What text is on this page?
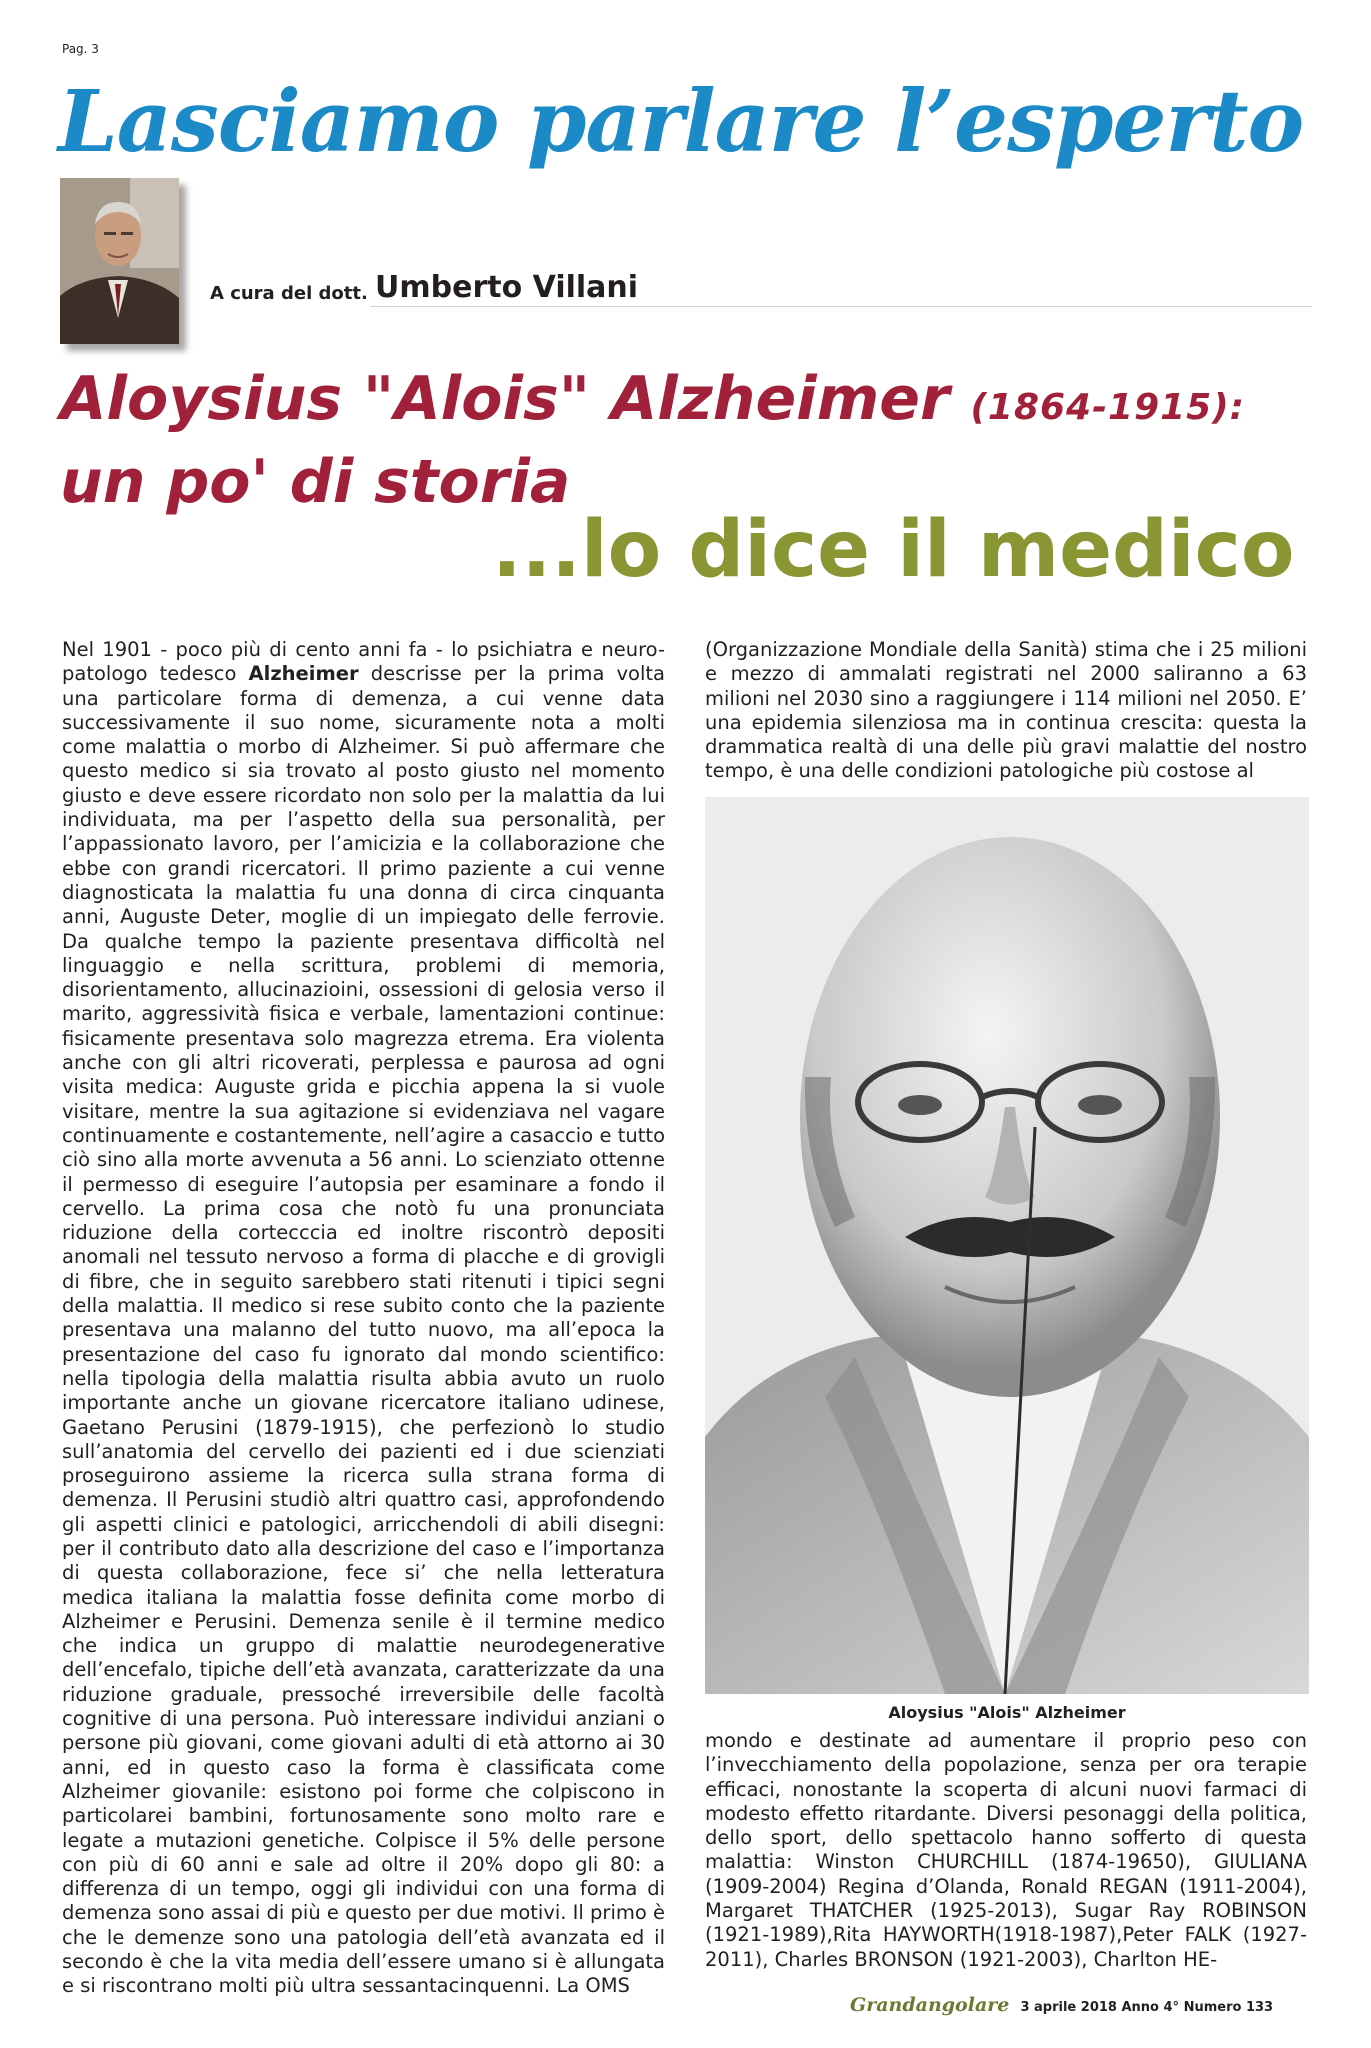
Pag. 3
Lasciamo parlare l’esperto
A cura del dott. Umberto Villani
Aloysius "Alois" Alzheimer (1864-1915):
un po' di storia
...lo dice il medico

Nel 1901 - poco più di cento anni fa - lo psichiatra e neuro-patologo tedesco Alzheimer descrisse per la prima volta una particolare forma di demenza, a cui venne data successivamente il suo nome, sicuramente nota a molti come malattia o morbo di Alzheimer. Si può affermare che questo medico si sia trovato al posto giusto nel momento giusto e deve essere ricordato non solo per la malattia da lui individuata, ma per l’aspetto della sua personalità, per l’appassionato lavoro, per l’amicizia e la collaborazione che ebbe con grandi ricercatori. Il primo paziente a cui venne diagnosticata la malattia fu una donna di circa cinquanta anni, Auguste Deter, moglie di un impiegato delle ferrovie. Da qualche tempo la paziente presentava difficoltà nel linguaggio e nella scrittura, problemi di memoria, disorientamento, allucinazioini, ossessioni di gelosia verso il marito, aggressività fisica e verbale, lamentazioni continue: fisicamente presentava solo magrezza etrema. Era violenta anche con gli altri ricoverati, perplessa e paurosa ad ogni visita medica: Auguste grida e picchia appena la si vuole visitare, mentre la sua agitazione si evidenziava nel vagare continuamente e costantemente, nell’agire a casaccio e tutto ciò sino alla morte avvenuta a 56 anni. Lo scienziato ottenne il permesso di eseguire l’autopsia per esaminare a fondo il cervello. La prima cosa che notò fu una pronunciata riduzione della cortecccia ed inoltre riscontrò depositi anomali nel tessuto nervoso a forma di placche e di grovigli di fibre, che in seguito sarebbero stati ritenuti i tipici segni della malattia. Il medico si rese subito conto che la paziente presentava una malanno del tutto nuovo, ma all’epoca la presentazione del caso fu ignorato dal mondo scientifico: nella tipologia della malattia risulta abbia avuto un ruolo importante anche un giovane ricercatore italiano udinese, Gaetano Perusini (1879-1915), che perfezionò lo studio sull’anatomia del cervello dei pazienti ed i due scienziati proseguirono assieme la ricerca sulla strana forma di demenza. Il Perusini studiò altri quattro casi, approfondendo gli aspetti clinici e patologici, arricchendoli di abili disegni: per il contributo dato alla descrizione del caso e l’importanza di questa collaborazione, fece si’ che nella letteratura medica italiana la malattia fosse definita come morbo di Alzheimer e Perusini. Demenza senile è il termine medico che indica un gruppo di malattie neurodegenerative dell’encefalo, tipiche dell’età avanzata, caratterizzate da una riduzione graduale, pressoché irreversibile delle facoltà cognitive di una persona. Può interessare individui anziani o persone più giovani, come giovani adulti di età attorno ai 30 anni, ed in questo caso la forma è classificata come Alzheimer giovanile: esistono poi forme che colpiscono in particolarei bambini, fortunosamente sono molto rare e legate a mutazioni genetiche. Colpisce il 5% delle persone con più di 60 anni e sale ad oltre il 20% dopo gli 80: a differenza di un tempo, oggi gli individui con una forma di demenza sono assai di più e questo per due motivi. Il primo è che le demenze sono una patologia dell’età avanzata ed il secondo è che la vita media dell’essere umano si è allungata e si riscontrano molti più ultra sessantacinquenni. La OMS

(Organizzazione Mondiale della Sanità) stima che i 25 milioni e mezzo di ammalati registrati nel 2000 saliranno a 63 milioni nel 2030 sino a raggiungere i 114 milioni nel 2050. E’ una epidemia silenziosa ma in continua crescita: questa la drammatica realtà di una delle più gravi malattie del nostro tempo, è una delle condizioni patologiche più costose al

Aloysius "Alois" Alzheimer

mondo e destinate ad aumentare il proprio peso con l’invecchiamento della popolazione, senza per ora terapie efficaci, nonostante la scoperta di alcuni nuovi farmaci di modesto effetto ritardante. Diversi pesonaggi della politica, dello sport, dello spettacolo hanno sofferto di questa malattia: Winston CHURCHILL (1874-19650), GIULIANA (1909-2004) Regina d’Olanda, Ronald REGAN (1911-2004), Margaret THATCHER (1925-2013), Sugar Ray ROBINSON (1921-1989),Rita HAYWORTH(1918-1987),Peter FALK (1927-2011), Charles BRONSON (1921-2003), Charlton HE-

Grandangolare 3 aprile 2018 Anno 4° Numero 133
